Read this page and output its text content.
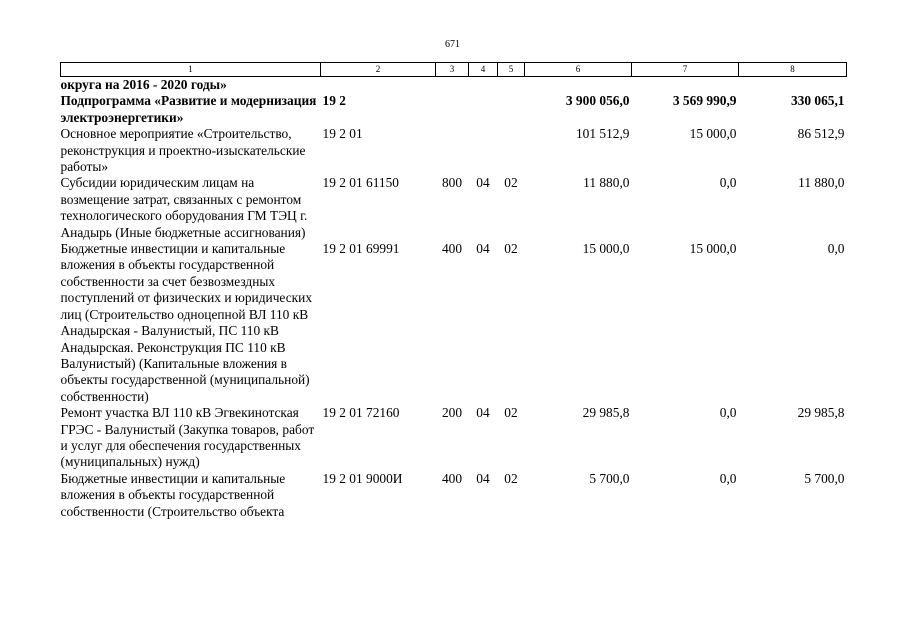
671
1	2	3	4	5	6	7	8
округа на 2016 - 2020 годы»							
Подпрограмма «Развитие и модернизация электроэнергетики»	19 2				3 900 056,0	3 569 990,9	330 065,1
Основное мероприятие «Строительство, реконструкция и проектно-изыскательские работы»	19 2 01				101 512,9	15 000,0	86 512,9
Субсидии юридическим лицам на возмещение затрат, связанных с ремонтом технологического оборудования ГМ ТЭЦ г. Анадырь (Иные бюджетные ассигнования)	19 2 01 61150	800	04	02	11 880,0	0,0	11 880,0
Бюджетные инвестиции и капитальные вложения в объекты государственной собственности за счет безвозмездных поступлений от физических и юридических лиц (Строительство одноцепной ВЛ 110 кВ Анадырская - Валунистый, ПС 110 кВ Анадырская. Реконструкция ПС 110 кВ Валунистый) (Капитальные вложения в объекты государственной (муниципальной) собственности)	19 2 01 69991	400	04	02	15 000,0	15 000,0	0,0
Ремонт участка ВЛ 110 кВ Эгвекинотская ГРЭС - Валунистый (Закупка товаров, работ и услуг для обеспечения государственных (муниципальных) нужд)	19 2 01 72160	200	04	02	29 985,8	0,0	29 985,8
Бюджетные инвестиции и капитальные вложения в объекты государственной собственности (Строительство объекта	19 2 01 9000И	400	04	02	5 700,0	0,0	5 700,0
